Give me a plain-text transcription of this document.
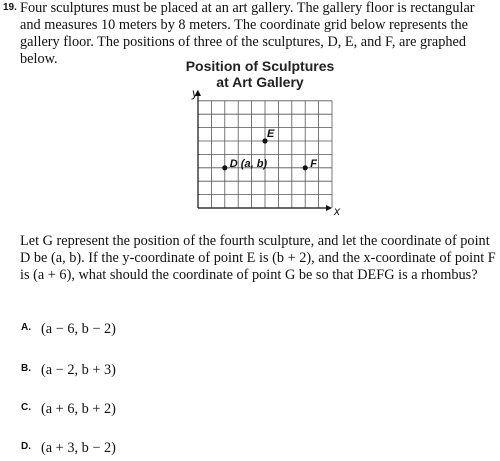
19. Four sculptures must be placed at an art gallery. The gallery floor is rectangular and measures 10 meters by 8 meters. The coordinate grid below represents the gallery floor. The positions of three of the sculptures, D, E, and F, are graphed below.	Position of Sculptures
at Art Gallery
y
x
D (a, b)
E
F

Let G represent the position of the fourth sculpture, and let the coordinate of point D be (a, b). If the y-coordinate of point E is (b + 2), and the x-coordinate of point F is (a + 6), what should the coordinate of point G be so that DEFG is a rhombus?

A. (a − 6, b − 2)
B. (a − 2, b + 3)
C. (a + 6, b + 2)
D. (a + 3, b − 2)
